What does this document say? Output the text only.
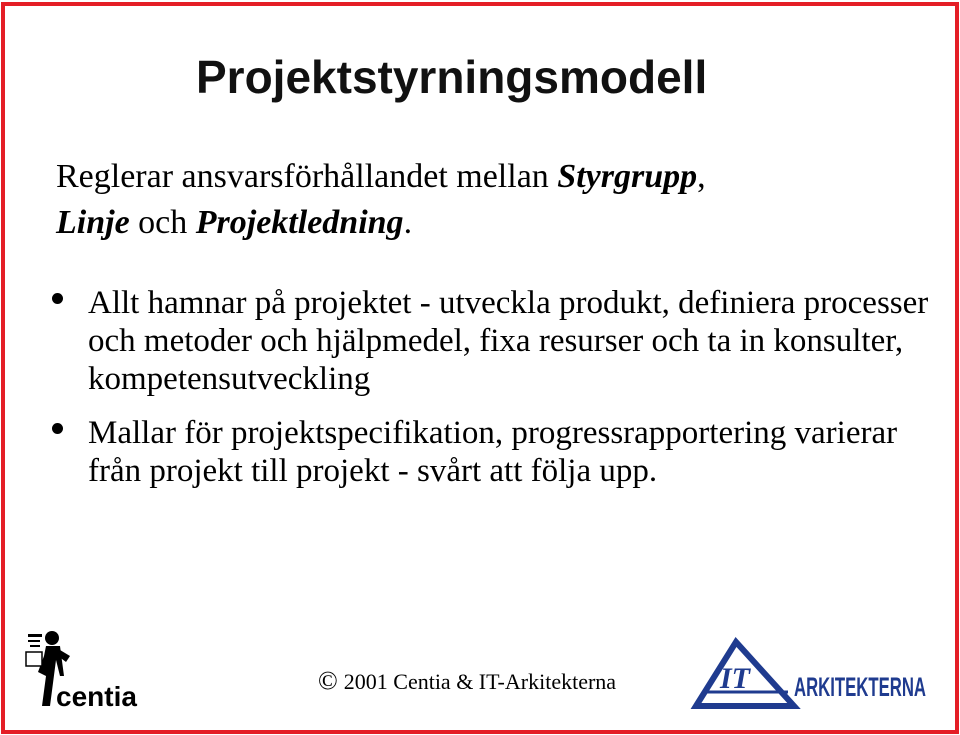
Projektstyrningsmodell
Reglerar ansvarsförhållandet mellan Styrgrupp,
Linje och Projektledning.
Allt hamnar på projektet - utveckla produkt, definiera processer och metoder och hjälpmedel, fixa resurser och ta in konsulter, kompetensutveckling
Mallar för projektspecifikation, progressrapportering varierar från projekt till projekt - svårt att följa upp.
centia
© 2001 Centia & IT-Arkitekterna	IT ARKITEKTERNA
